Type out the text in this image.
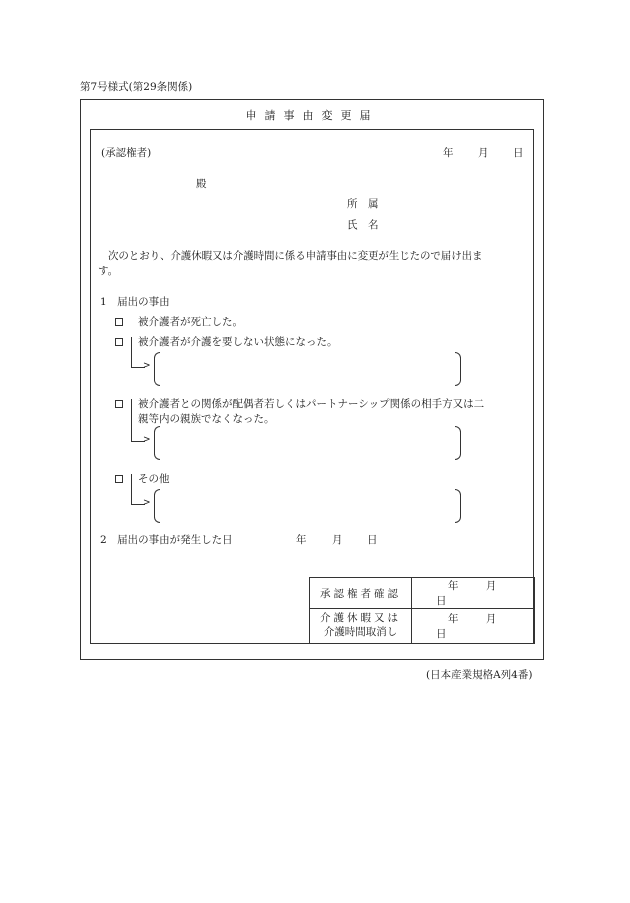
第7号様式(第29条関係)
申請事由変更届
(承認権者)	年 月 日
殿
所　属
氏　名
次のとおり、介護休暇又は介護時間に係る申請事由に変更が生じたので届け出ま
す。
1　届出の事由
被介護者が死亡した。
被介護者が介護を要しない状態になった。
>
被介護者との関係が配偶者若しくはパートナーシップ関係の相手方又は二
親等内の親族でなくなった。
>
その他
>
2　届出の事由が発生した日	年 月 日
承認権者確認	年 月 日

介護休暇又は
介護時間取消し	年 月 日
(日本産業規格A列4番)
